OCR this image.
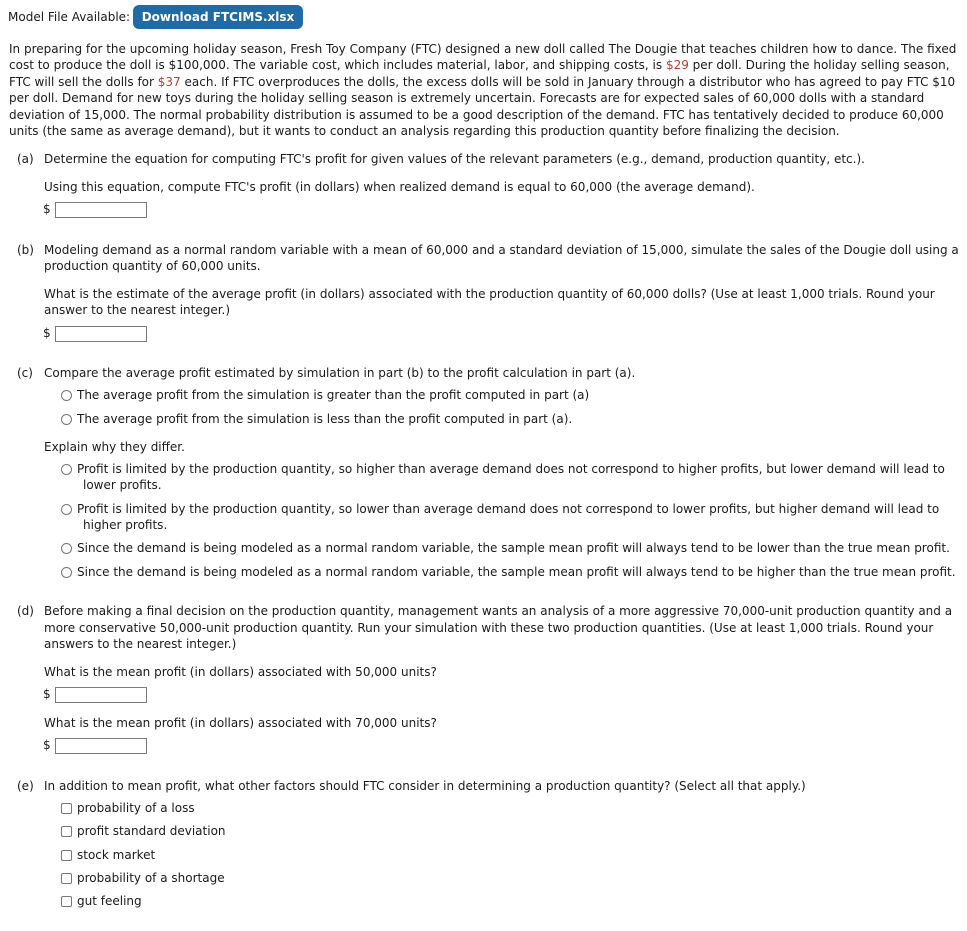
Model File Available: Download FTCIMS.xlsx
In preparing for the upcoming holiday season, Fresh Toy Company (FTC) designed a new doll called The Dougie that teaches children how to dance. The fixed cost to produce the doll is $100,000. The variable cost, which includes material, labor, and shipping costs, is $29 per doll. During the holiday selling season, FTC will sell the dolls for $37 each. If FTC overproduces the dolls, the excess dolls will be sold in January through a distributor who has agreed to pay FTC $10 per doll. Demand for new toys during the holiday selling season is extremely uncertain. Forecasts are for expected sales of 60,000 dolls with a standard deviation of 15,000. The normal probability distribution is assumed to be a good description of the demand. FTC has tentatively decided to produce 60,000 units (the same as average demand), but it wants to conduct an analysis regarding this production quantity before finalizing the decision.
(a) Determine the equation for computing FTC's profit for given values of the relevant parameters (e.g., demand, production quantity, etc.).
Using this equation, compute FTC's profit (in dollars) when realized demand is equal to 60,000 (the average demand).
$
(b) Modeling demand as a normal random variable with a mean of 60,000 and a standard deviation of 15,000, simulate the sales of the Dougie doll using a
production quantity of 60,000 units.
What is the estimate of the average profit (in dollars) associated with the production quantity of 60,000 dolls? (Use at least 1,000 trials. Round your
answer to the nearest integer.)
$
(c) Compare the average profit estimated by simulation in part (b) to the profit calculation in part (a).
The average profit from the simulation is greater than the profit computed in part (a)
The average profit from the simulation is less than the profit computed in part (a).
Explain why they differ.
Profit is limited by the production quantity, so higher than average demand does not correspond to higher profits, but lower demand will lead to
lower profits.
Profit is limited by the production quantity, so lower than average demand does not correspond to lower profits, but higher demand will lead to
higher profits.
Since the demand is being modeled as a normal random variable, the sample mean profit will always tend to be lower than the true mean profit.
Since the demand is being modeled as a normal random variable, the sample mean profit will always tend to be higher than the true mean profit.
(d) Before making a final decision on the production quantity, management wants an analysis of a more aggressive 70,000-unit production quantity and a
more conservative 50,000-unit production quantity. Run your simulation with these two production quantities. (Use at least 1,000 trials. Round your
answers to the nearest integer.)
What is the mean profit (in dollars) associated with 50,000 units?
$
What is the mean profit (in dollars) associated with 70,000 units?
$
(e) In addition to mean profit, what other factors should FTC consider in determining a production quantity? (Select all that apply.)
probability of a loss
profit standard deviation
stock market
probability of a shortage
gut feeling
